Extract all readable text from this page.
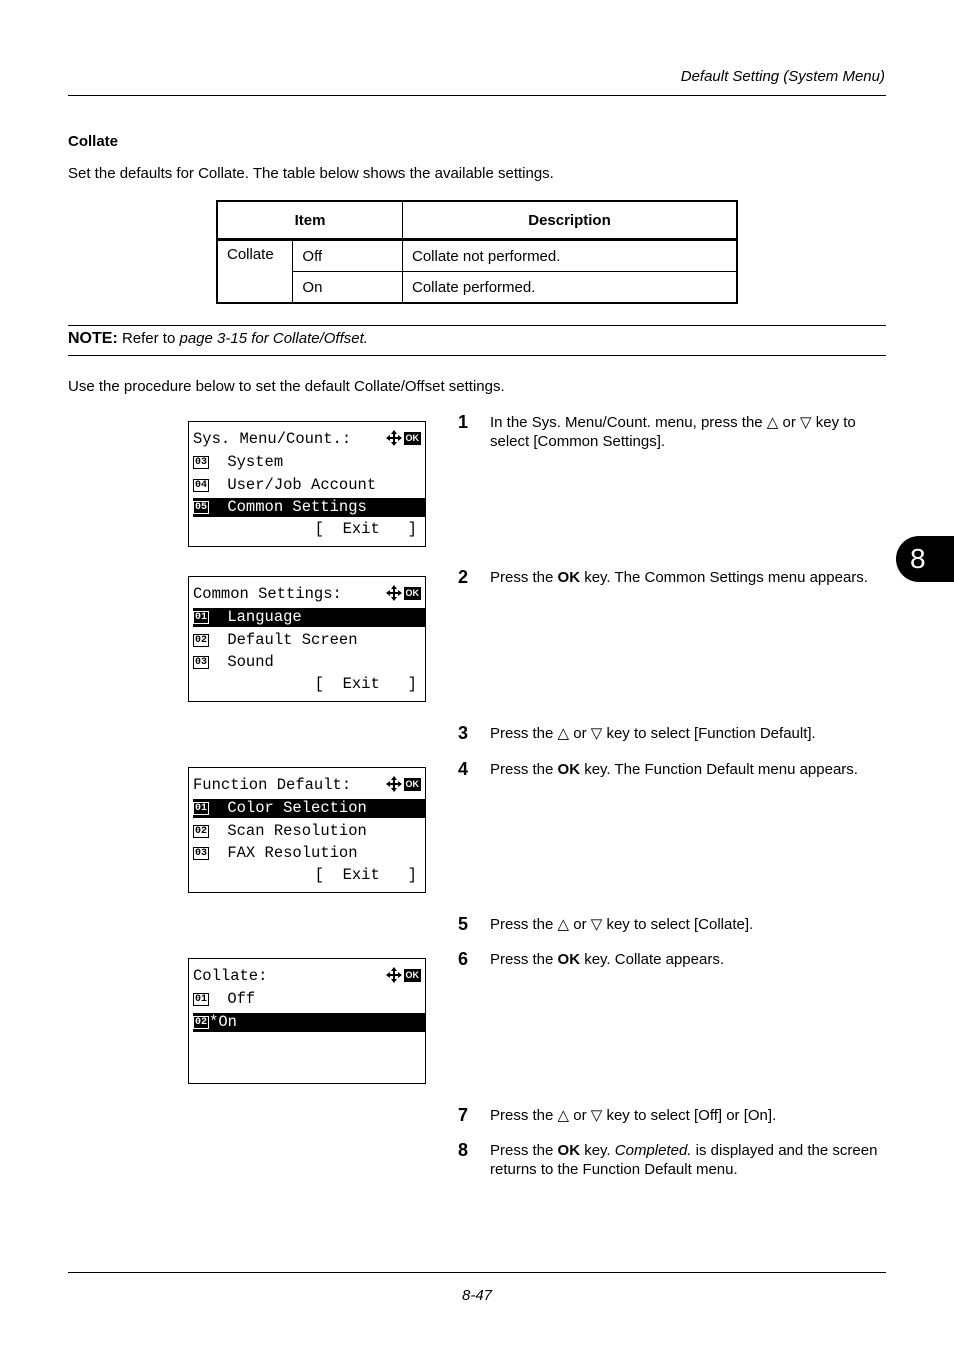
Default Setting (System Menu)
Collate
Set the defaults for Collate. The table below shows the available settings.
Item		Description
Collate	Off	Collate not performed.
	On	Collate performed.
NOTE: Refer to page 3-15 for Collate/Offset.
Use the procedure below to set the default Collate/Offset settings.
Sys. Menu/Count.:	OK
03 System
04 User/Job Account
05 Common Settings
[  Exit   ]
Common Settings:	OK
01 Language
02 Default Screen
03 Sound
[  Exit   ]
Function Default:	OK
01 Color Selection
02 Scan Resolution
03 FAX Resolution
[  Exit   ]
Collate:	OK
01 Off
02 *On
1 In the Sys. Menu/Count. menu, press the △ or ▽ key to select [Common Settings].
2 Press the OK key. The Common Settings menu appears.
3 Press the △ or ▽ key to select [Function Default].
4 Press the OK key. The Function Default menu appears.
5 Press the △ or ▽ key to select [Collate].
6 Press the OK key. Collate appears.
7 Press the △ or ▽ key to select [Off] or [On].
8 Press the OK key. Completed. is displayed and the screen returns to the Function Default menu.
8
8-47
